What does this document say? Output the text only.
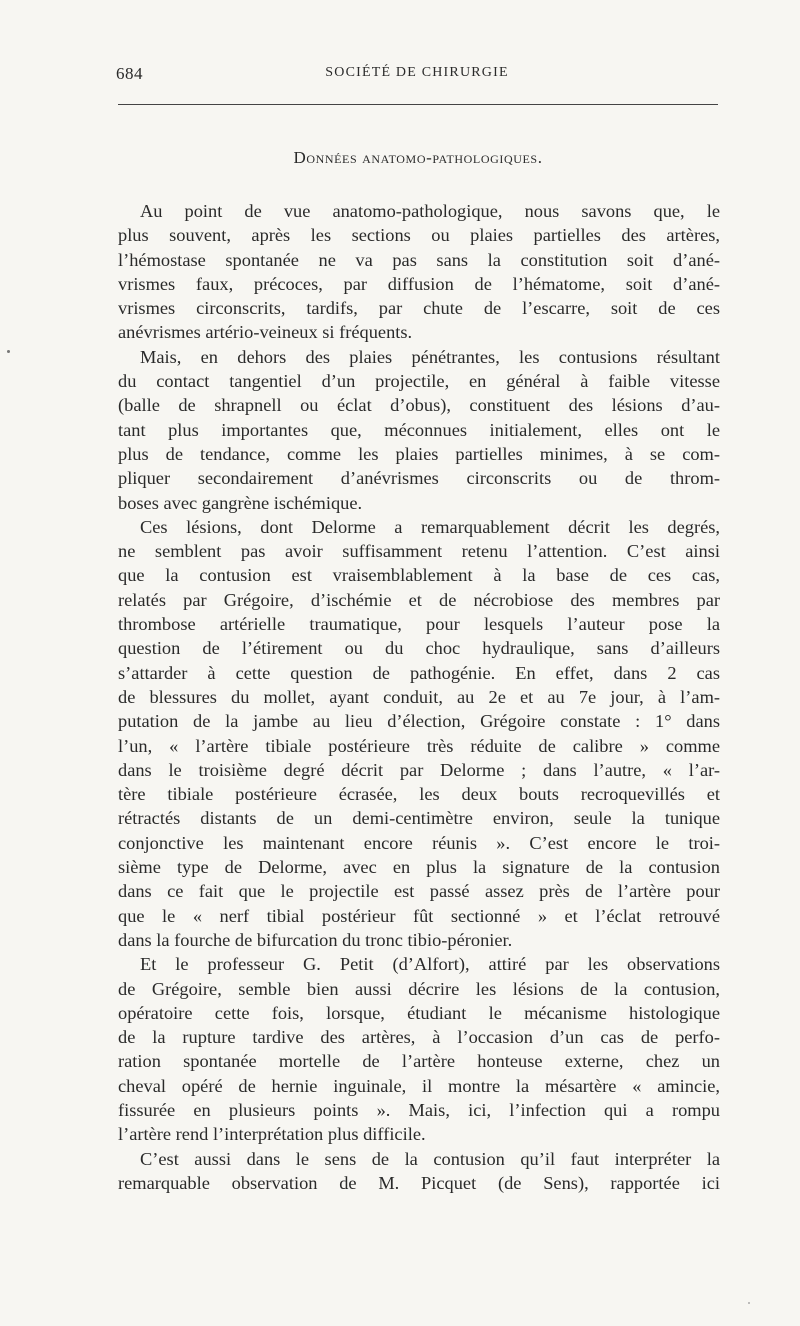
684	SOCIÉTÉ DE CHIRURGIE
Données anatomo-pathologiques.
Au point de vue anatomo-pathologique, nous savons que, le
plus souvent, après les sections ou plaies partielles des artères,
l’hémostase spontanée ne va pas sans la constitution soit d’ané-
vrismes faux, précoces, par diffusion de l’hématome, soit d’ané-
vrismes circonscrits, tardifs, par chute de l’escarre, soit de ces
anévrismes artério-veineux si fréquents.
Mais, en dehors des plaies pénétrantes, les contusions résultant
du contact tangentiel d’un projectile, en général à faible vitesse
(balle de shrapnell ou éclat d’obus), constituent des lésions d’au-
tant plus importantes que, méconnues initialement, elles ont le
plus de tendance, comme les plaies partielles minimes, à se com-
pliquer secondairement d’anévrismes circonscrits ou de throm-
boses avec gangrène ischémique.
Ces lésions, dont Delorme a remarquablement décrit les degrés,
ne semblent pas avoir suffisamment retenu l’attention. C’est ainsi
que la contusion est vraisemblablement à la base de ces cas,
relatés par Grégoire, d’ischémie et de nécrobiose des membres par
thrombose artérielle traumatique, pour lesquels l’auteur pose la
question de l’étirement ou du choc hydraulique, sans d’ailleurs
s’attarder à cette question de pathogénie. En effet, dans 2 cas
de blessures du mollet, ayant conduit, au 2e et au 7e jour, à l’am-
putation de la jambe au lieu d’élection, Grégoire constate : 1° dans
l’un, « l’artère tibiale postérieure très réduite de calibre » comme
dans le troisième degré décrit par Delorme ; dans l’autre, « l’ar-
tère tibiale postérieure écrasée, les deux bouts recroquevillés et
rétractés distants de un demi-centimètre environ, seule la tunique
conjonctive les maintenant encore réunis ». C’est encore le troi-
sième type de Delorme, avec en plus la signature de la contusion
dans ce fait que le projectile est passé assez près de l’artère pour
que le « nerf tibial postérieur fût sectionné » et l’éclat retrouvé
dans la fourche de bifurcation du tronc tibio-péronier.
Et le professeur G. Petit (d’Alfort), attiré par les observations
de Grégoire, semble bien aussi décrire les lésions de la contusion,
opératoire cette fois, lorsque, étudiant le mécanisme histologique
de la rupture tardive des artères, à l’occasion d’un cas de perfo-
ration spontanée mortelle de l’artère honteuse externe, chez un
cheval opéré de hernie inguinale, il montre la mésartère « amincie,
fissurée en plusieurs points ». Mais, ici, l’infection qui a rompu
l’artère rend l’interprétation plus difficile.
C’est aussi dans le sens de la contusion qu’il faut interpréter la
remarquable observation de M. Picquet (de Sens), rapportée ici
